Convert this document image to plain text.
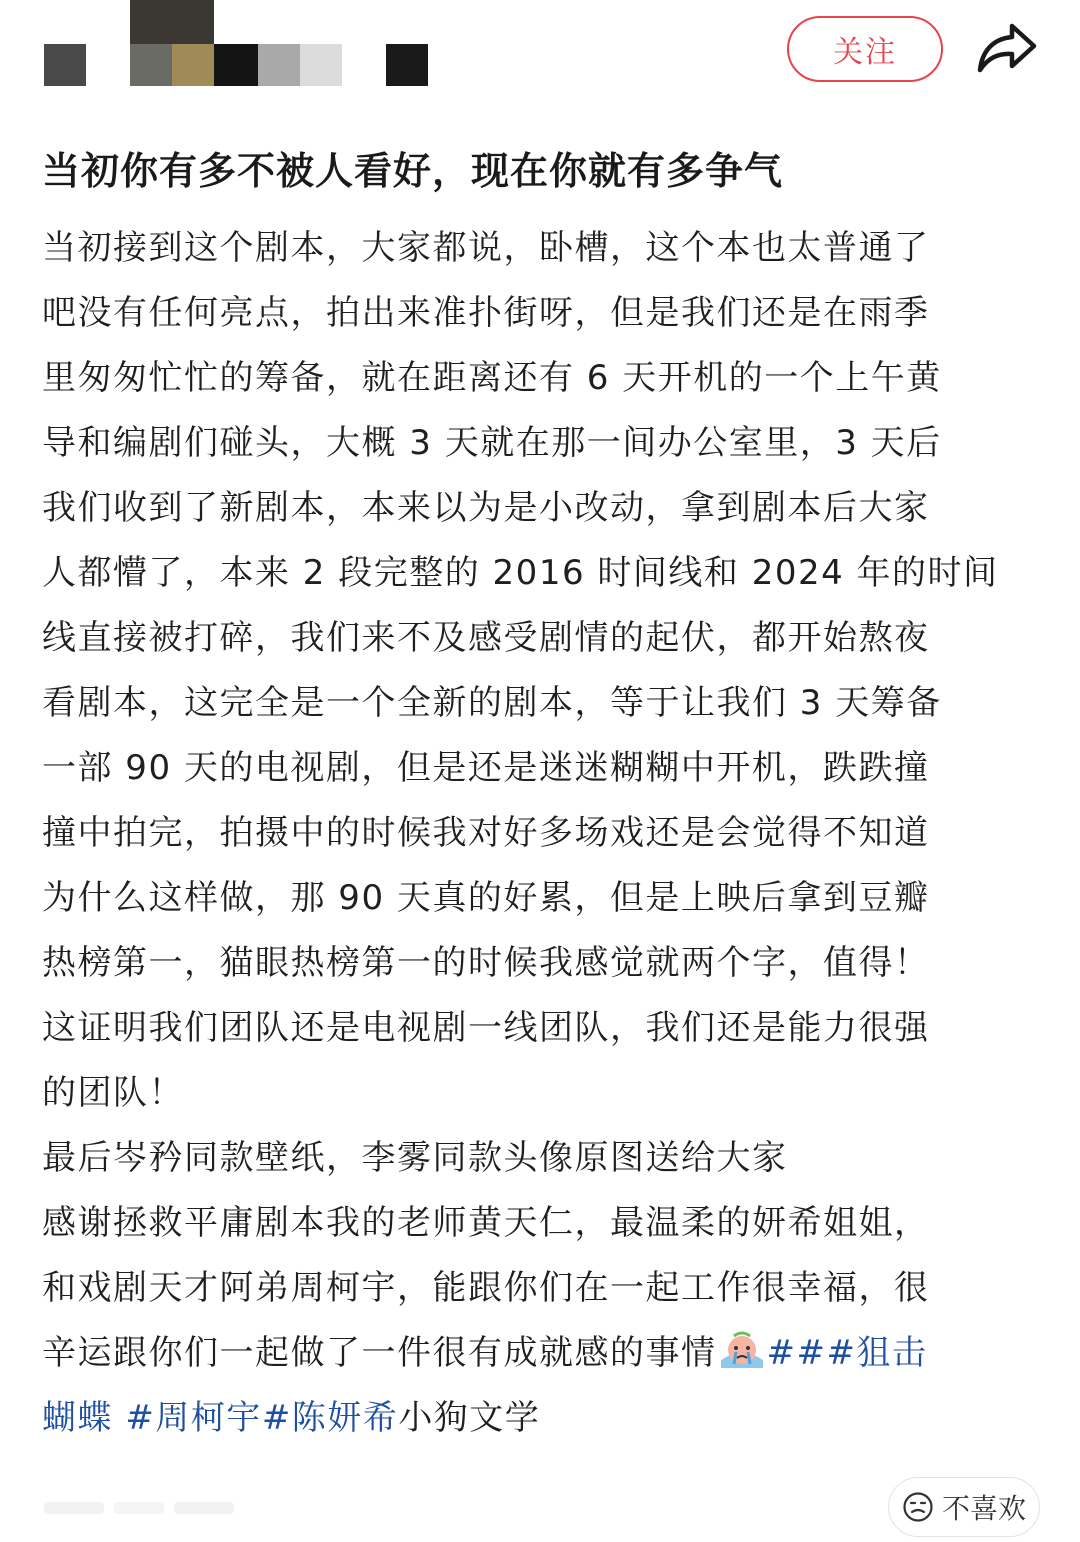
关注
当初你有多不被人看好，现在你就有多争气
当初接到这个剧本，大家都说，卧槽，这个本也太普通了
吧没有任何亮点，拍出来准扑街呀，但是我们还是在雨季
里匆匆忙忙的筹备，就在距离还有 6 天开机的一个上午黄
导和编剧们碰头，大概 3 天就在那一间办公室里，3 天后
我们收到了新剧本，本来以为是小改动，拿到剧本后大家
人都懵了，本来 2 段完整的 2016 时间线和 2024 年的时间
线直接被打碎，我们来不及感受剧情的起伏，都开始熬夜
看剧本，这完全是一个全新的剧本，等于让我们 3 天筹备
一部 90 天的电视剧，但是还是迷迷糊糊中开机，跌跌撞
撞中拍完，拍摄中的时候我对好多场戏还是会觉得不知道
为什么这样做，那 90 天真的好累，但是上映后拿到豆瓣
热榜第一，猫眼热榜第一的时候我感觉就两个字，值得！
这证明我们团队还是电视剧一线团队，我们还是能力很强
的团队！
最后岑矜同款壁纸，李雾同款头像原图送给大家
感谢拯救平庸剧本我的老师黄天仁，最温柔的妍希姐姐，
和戏剧天才阿弟周柯宇，能跟你们在一起工作很幸福，很
辛运跟你们一起做了一件很有成就感的事情 ###狙击
蝴蝶 #周柯宇#陈妍希小狗文学
不喜欢
